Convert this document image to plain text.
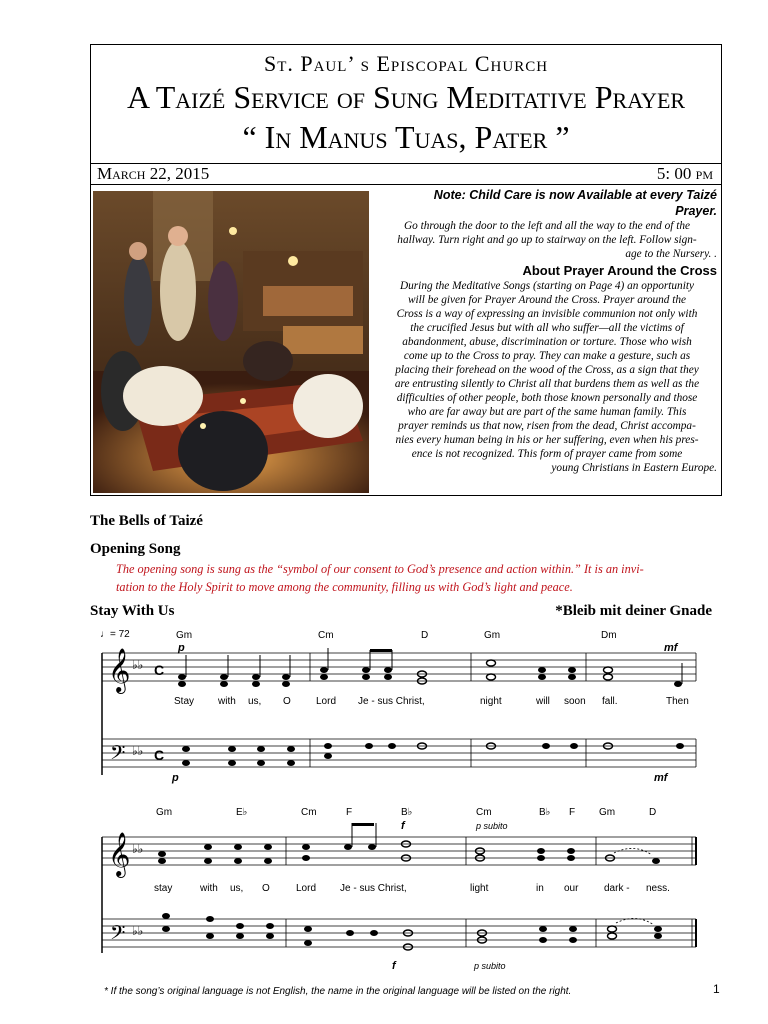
St. Paul’ s Episcopal Church
A Taizé Service of Sung Meditative Prayer
“ In Manus Tuas, Pater ”
March 22, 2015	5: 00 pm
Note: Child Care is now Available at every Taizé
Prayer.
Go through the door to the left and all the way to the end of the
hallway. Turn right and go up to stairway on the left. Follow sign-
age to the Nursery. .
About Prayer Around the Cross
During the Meditative Songs (starting on Page 4) an opportunity
will be given for Prayer Around the Cross. Prayer around the
Cross is a way of expressing an invisible communion not only with
the crucified Jesus but with all who suffer—all the victims of
abandonment, abuse, discrimination or torture. Those who wish
come up to the Cross to pray. They can make a gesture, such as
placing their forehead on the wood of the Cross, as a sign that they
are entrusting silently to Christ all that burdens them as well as the
difficulties of other people, both those known personally and those
who are far away but are part of the same human family. This
prayer reminds us that now, risen from the dead, Christ accompa-
nies every human being in his or her suffering, even when his pres-
ence is not recognized. This form of prayer came from some
young Christians in Eastern Europe.
The Bells of Taizé
Opening Song
The opening song is sung as the “symbol of our consent to God’s presence and action within.” It is an invi-
tation to the Holy Spirit to move among the community, filling us with God’s light and peace.
Stay With Us	*Bleib mit deiner Gnade
♩= 72	Gm	Cm	D	Gm	Dm
p	mf
𝄞 ♭♭ C
Stay with us, O	Lord Je - sus Christ,	night	will soon fall.	Then
𝄢 ♭♭ C
p	mf
Gm	E♭	Cm	F	B♭	Cm	B♭ F Gm	D
f	p subito
𝄞 ♭♭
stay	with us, O	Lord Je - sus Christ,	light	in our	dark - ness.
𝄢 ♭♭
f	p subito
* If the song’s original language is not English, the name in the original language will be listed on the right.	1
